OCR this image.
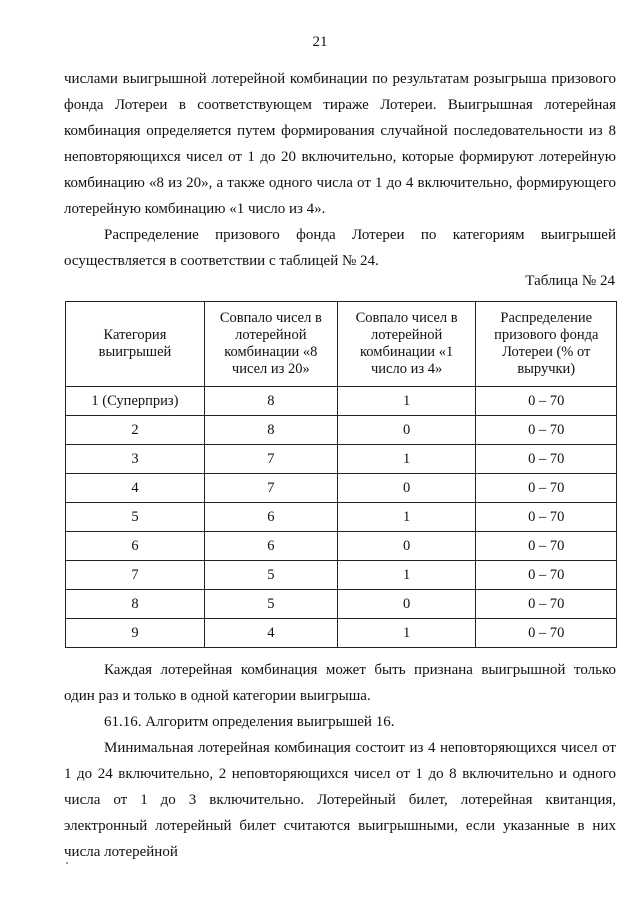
21

числами выигрышной лотерейной комбинации по результатам розыгрыша призового фонда Лотереи в соответствующем тираже Лотереи. Выигрышная лотерейная комбинация определяется путем формирования случайной последовательности из 8 неповторяющихся чисел от 1 до 20 включительно, которые формируют лотерейную комбинацию «8 из 20», а также одного числа от 1 до 4 включительно, формирующего лотерейную комбинацию «1 число из 4».

Распределение призового фонда Лотереи по категориям выигрышей осуществляется в соответствии с таблицей № 24.

Таблица № 24
Категория выигрышей	Совпало чисел в лотерейной комбинации «8 чисел из 20»	Совпало чисел в лотерейной комбинации «1 число из 4»	Распределение призового фонда Лотереи (% от выручки)
1 (Суперприз)	8	1	0 – 70
2	8	0	0 – 70
3	7	1	0 – 70
4	7	0	0 – 70
5	6	1	0 – 70
6	6	0	0 – 70
7	5	1	0 – 70
8	5	0	0 – 70
9	4	1	0 – 70

Каждая лотерейная комбинация может быть признана выигрышной только один раз и только в одной категории выигрыша.

61.16. Алгоритм определения выигрышей 16.

Минимальная лотерейная комбинация состоит из 4 неповторяющихся чисел от 1 до 24 включительно, 2 неповторяющихся чисел от 1 до 8 включительно и одного числа от 1 до 3 включительно. Лотерейный билет, лотерейная квитанция, электронный лотерейный билет считаются выигрышными, если указанные в них числа лотерейной
